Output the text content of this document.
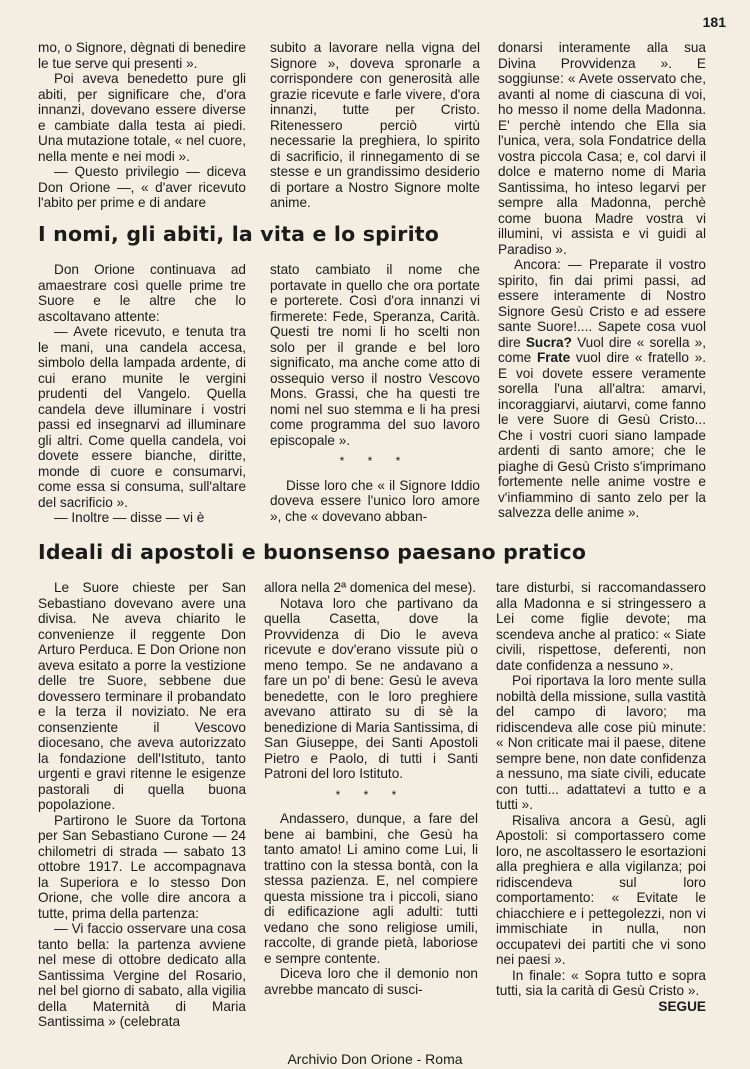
181

mo, o Signore, dègnati di benedire le tue serve qui presenti ».

Poi aveva benedetto pure gli abiti, per significare che, d'ora innanzi, dovevano essere diverse e cambiate dalla testa ai piedi. Una mutazione totale, « nel cuore, nella mente e nei modi ».

— Questo privilegio — diceva Don Orione —, « d'aver ricevuto l'abito per prime e di andare

subito a lavorare nella vigna del Signore », doveva spronarle a corrispondere con generosità alle grazie ricevute e farle vivere, d'ora innanzi, tutte per Cristo. Ritenessero perciò virtù necessarie la preghiera, lo spirito di sacrificio, il rinnegamento di se stesse e un grandissimo desiderio di portare a Nostro Signore molte anime.

I nomi, gli abiti, la vita e lo spirito

Don Orione continuava ad amaestrare così quelle prime tre Suore e le altre che lo ascoltavano attente:

— Avete ricevuto, e tenuta tra le mani, una candela accesa, simbolo della lampada ardente, di cui erano munite le vergini prudenti del Vangelo. Quella candela deve illuminare i vostri passi ed insegnarvi ad illuminare gli altri. Come quella candela, voi dovete essere bianche, diritte, monde di cuore e consumarvi, come essa si consuma, sull'altare del sacrificio ».

— Inoltre — disse — vi è

stato cambiato il nome che portavate in quello che ora portate e porterete. Così d'ora innanzi vi firmerete: Fede, Speranza, Carità. Questi tre nomi li ho scelti non solo per il grande e bel loro significato, ma anche come atto di ossequio verso il nostro Vescovo Mons. Grassi, che ha questi tre nomi nel suo stemma e li ha presi come programma del suo lavoro episcopale ».

* * *

Disse loro che « il Signore Iddio doveva essere l'unico loro amore », che « dovevano abban-

donarsi interamente alla sua Divina Provvidenza ». E soggiunse: « Avete osservato che, avanti al nome di ciascuna di voi, ho messo il nome della Madonna. E' perchè intendo che Ella sia l'unica, vera, sola Fondatrice della vostra piccola Casa; e, col darvi il dolce e materno nome di Maria Santissima, ho inteso legarvi per sempre alla Madonna, perchè come buona Madre vostra vi illumini, vi assista e vi guidi al Paradiso ».

Ancora: — Preparate il vostro spirito, fin dai primi passi, ad essere interamente di Nostro Signore Gesù Cristo e ad essere sante Suore!.... Sapete cosa vuol dire Sucra? Vuol dire « sorella », come Frate vuol dire « fratello ». E voi dovete essere veramente sorella l'una all'altra: amarvi, incoraggiarvi, aiutarvi, come fanno le vere Suore di Gesù Cristo... Che i vostri cuori siano lampade ardenti di santo amore; che le piaghe di Gesù Cristo s'imprimano fortemente nelle anime vostre e v'infiammino di santo zelo per la salvezza delle anime ».

Ideali di apostoli e buonsenso paesano pratico

Le Suore chieste per San Sebastiano dovevano avere una divisa. Ne aveva chiarito le convenienze il reggente Don Arturo Perduca. E Don Orione non aveva esitato a porre la vestizione delle tre Suore, sebbene due dovessero terminare il probandato e la terza il noviziato. Ne era consenziente il Vescovo diocesano, che aveva autorizzato la fondazione dell'Istituto, tanto urgenti e gravi ritenne le esigenze pastorali di quella buona popolazione.

Partirono le Suore da Tortona per San Sebastiano Curone — 24 chilometri di strada — sabato 13 ottobre 1917. Le accompagnava la Superiora e lo stesso Don Orione, che volle dire ancora a tutte, prima della partenza:

— Vi faccio osservare una cosa tanto bella: la partenza avviene nel mese di ottobre dedicato alla Santissima Vergine del Rosario, nel bel giorno di sabato, alla vigilia della Maternità di Maria Santissima » (celebrata

allora nella 2ª domenica del mese).

Notava loro che partivano da quella Casetta, dove la Provvidenza di Dio le aveva ricevute e dov'erano vissute più o meno tempo. Se ne andavano a fare un po' di bene: Gesù le aveva benedette, con le loro preghiere avevano attirato su di sè la benedizione di Maria Santissima, di San Giuseppe, dei Santi Apostoli Pietro e Paolo, di tutti i Santi Patroni del loro Istituto.

* * *

Andassero, dunque, a fare del bene ai bambini, che Gesù ha tanto amato! Li amino come Lui, li trattino con la stessa bontà, con la stessa pazienza. E, nel compiere questa missione tra i piccoli, siano di edificazione agli adulti: tutti vedano che sono religiose umili, raccolte, di grande pietà, laboriose e sempre contente.

Diceva loro che il demonio non avrebbe mancato di susci-

tare disturbi, si raccomandassero alla Madonna e si stringessero a Lei come figlie devote; ma scendeva anche al pratico: « Siate civili, rispettose, deferenti, non date confidenza a nessuno ».

Poi riportava la loro mente sulla nobiltà della missione, sulla vastità del campo di lavoro; ma ridiscendeva alle cose più minute: « Non criticate mai il paese, ditene sempre bene, non date confidenza a nessuno, ma siate civili, educate con tutti... adattatevi a tutto e a tutti ».

Risaliva ancora a Gesù, agli Apostoli: si comportassero come loro, ne ascoltassero le esortazioni alla preghiera e alla vigilanza; poi ridiscendeva sul loro comportamento: « Evitate le chiacchiere e i pettegolezzi, non vi immischiate in nulla, non occupatevi dei partiti che vi sono nei paesi ».

In finale: « Sopra tutto e sopra tutti, sia la carità di Gesù Cristo ».

SEGUE
Archivio Don Orione - Roma
